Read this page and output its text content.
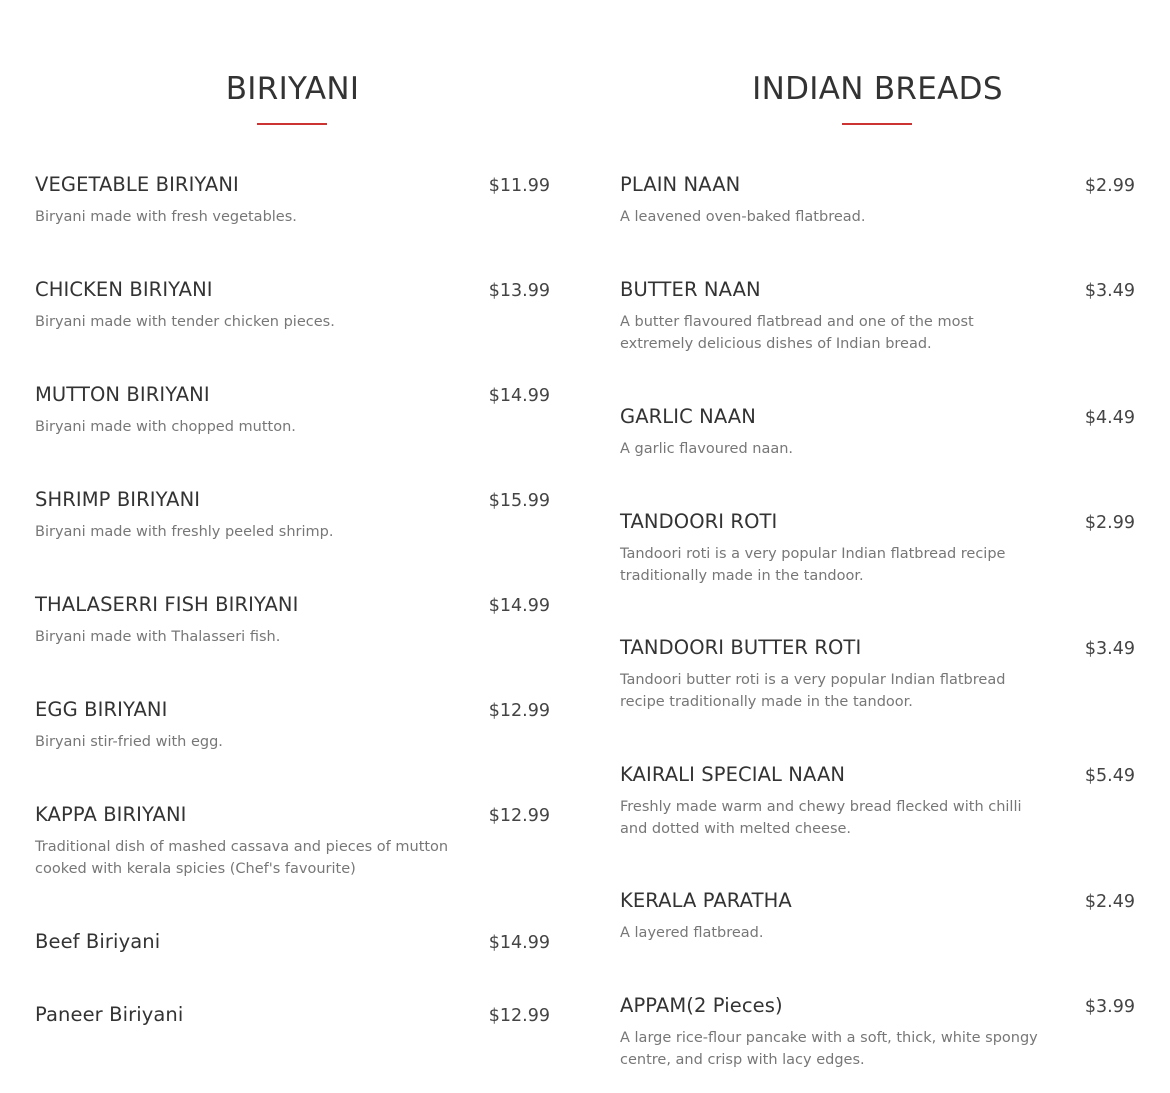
BIRIYANI
VEGETABLE BIRIYANI	$11.99
Biryani made with fresh vegetables.
CHICKEN BIRIYANI	$13.99
Biryani made with tender chicken pieces.
MUTTON BIRIYANI	$14.99
Biryani made with chopped mutton.
SHRIMP BIRIYANI	$15.99
Biryani made with freshly peeled shrimp.
THALASERRI FISH BIRIYANI	$14.99
Biryani made with Thalasseri fish.
EGG BIRIYANI	$12.99
Biryani stir-fried with egg.
KAPPA BIRIYANI	$12.99
Traditional dish of mashed cassava and pieces of mutton cooked with kerala spicies (Chef's favourite)
Beef Biriyani	$14.99
Paneer Biriyani	$12.99
INDIAN BREADS
PLAIN NAAN	$2.99
A leavened oven-baked flatbread.
BUTTER NAAN	$3.49
A butter flavoured flatbread and one of the most extremely delicious dishes of Indian bread.
GARLIC NAAN	$4.49
A garlic flavoured naan.
TANDOORI ROTI	$2.99
Tandoori roti is a very popular Indian flatbread recipe traditionally made in the tandoor.
TANDOORI BUTTER ROTI	$3.49
Tandoori butter roti is a very popular Indian flatbread recipe traditionally made in the tandoor.
KAIRALI SPECIAL NAAN	$5.49
Freshly made warm and chewy bread flecked with chilli and dotted with melted cheese.
KERALA PARATHA	$2.49
A layered flatbread.
APPAM(2 Pieces)	$3.99
A large rice-flour pancake with a soft, thick, white spongy centre, and crisp with lacy edges.
